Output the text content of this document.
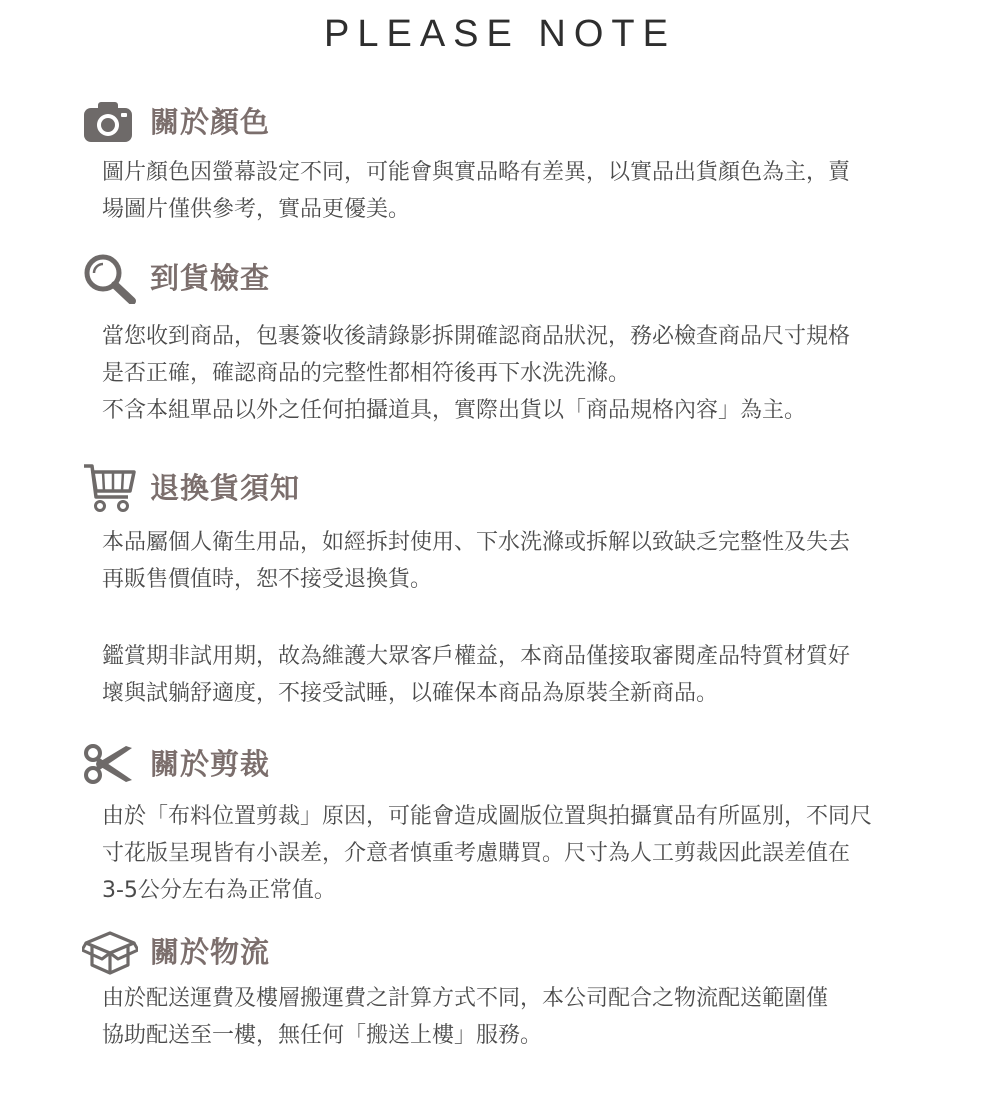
PLEASE NOTE
關於顏色

圖片顏色因螢幕設定不同，可能會與實品略有差異，以實品出貨顏色為主，賣
場圖片僅供參考，實品更優美。

到貨檢查

當您收到商品，包裹簽收後請錄影拆開確認商品狀況，務必檢查商品尺寸規格
是否正確，確認商品的完整性都相符後再下水洗洗滌。
不含本組單品以外之任何拍攝道具，實際出貨以「商品規格內容」為主。

退換貨須知

本品屬個人衛生用品，如經拆封使用、下水洗滌或拆解以致缺乏完整性及失去
再販售價值時，恕不接受退換貨。

鑑賞期非試用期，故為維護大眾客戶權益，本商品僅接取審閱產品特質材質好
壞與試躺舒適度，不接受試睡，以確保本商品為原裝全新商品。

關於剪裁

由於「布料位置剪裁」原因，可能會造成圖版位置與拍攝實品有所區別，不同尺
寸花版呈現皆有小誤差，介意者慎重考慮購買。尺寸為人工剪裁因此誤差值在
3-5公分左右為正常值。

關於物流

由於配送運費及樓層搬運費之計算方式不同，本公司配合之物流配送範圍僅
協助配送至一樓，無任何「搬送上樓」服務。
